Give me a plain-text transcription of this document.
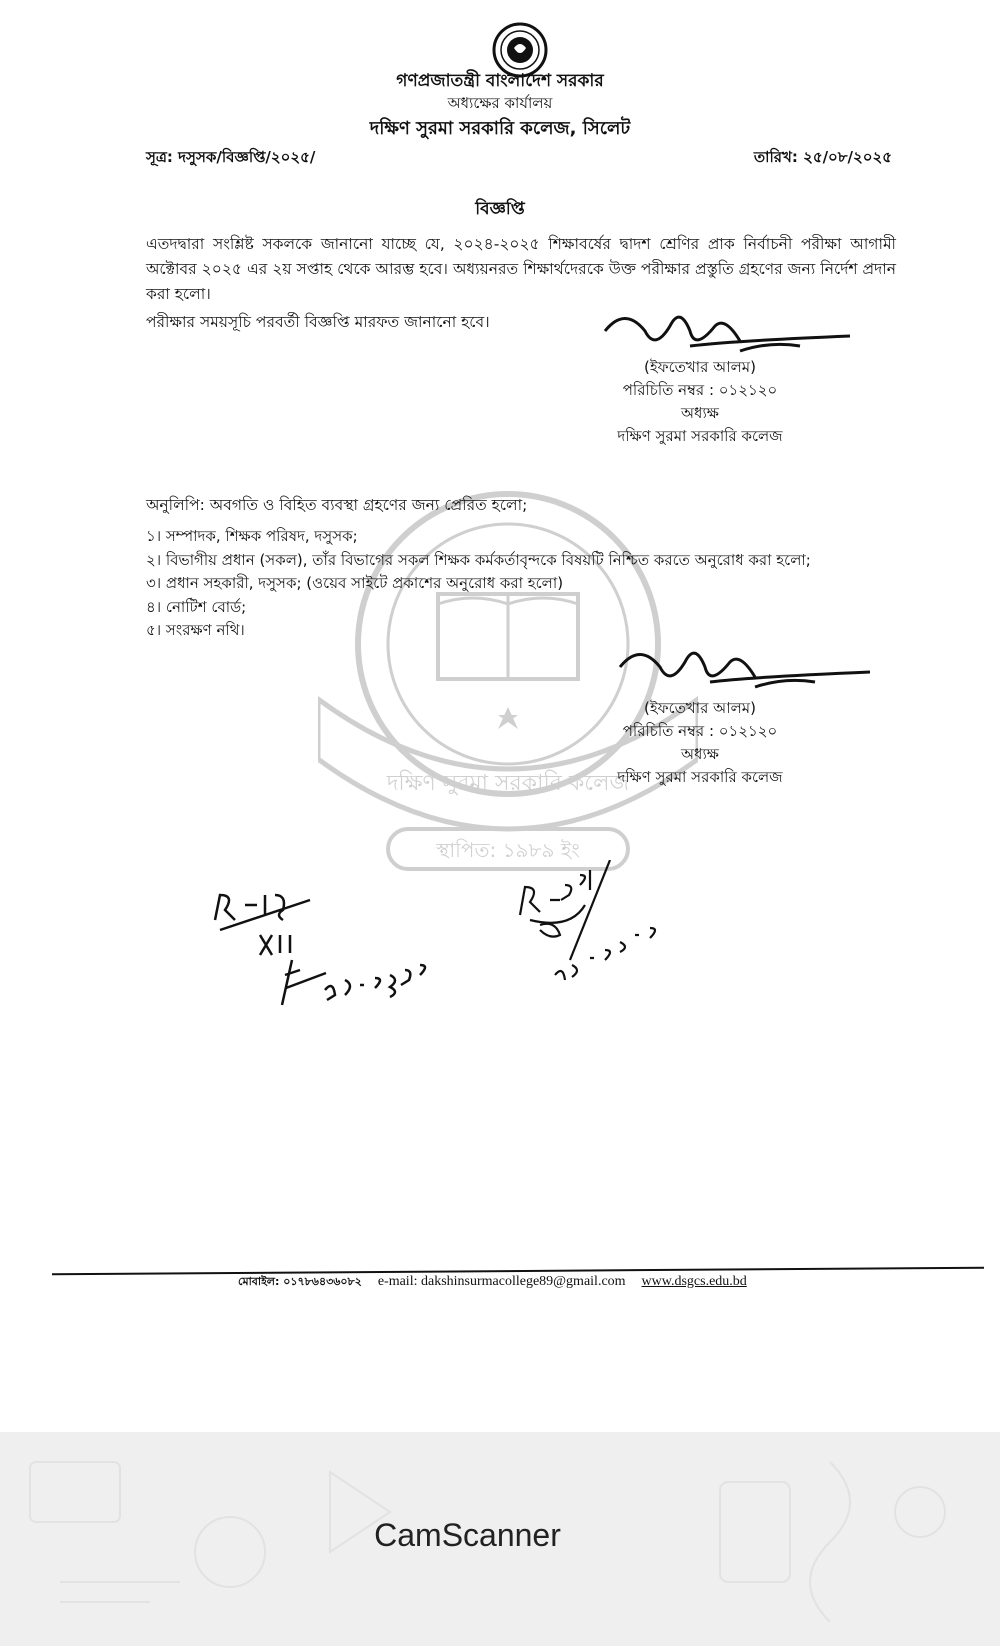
গণপ্রজাতন্ত্রী বাংলাদেশ সরকার

অধ্যক্ষের কার্যালয়

দক্ষিণ সুরমা সরকারি কলেজ, সিলেট

সূত্র: দসুসক/বিজ্ঞপ্তি/২০২৫/	তারিখ: ২৫/০৮/২০২৫

বিজ্ঞপ্তি

এতদদ্বারা সংশ্লিষ্ট সকলকে জানানো যাচ্ছে যে, ২০২৪-২০২৫ শিক্ষাবর্ষের দ্বাদশ শ্রেণির প্রাক নির্বাচনী পরীক্ষা আগামী অক্টোবর ২০২৫ এর ২য় সপ্তাহ থেকে আরম্ভ হবে। অধ্যয়নরত শিক্ষার্থদেরকে উক্ত পরীক্ষার প্রস্তুতি গ্রহণের জন্য নির্দেশ প্রদান করা হলো।

পরীক্ষার সময়সূচি পরবর্তী বিজ্ঞপ্তি মারফত জানানো হবে।

দক্ষিণ সুরমা সরকারি কলেজ
স্থাপিত: ১৯৮৯ ইং
(ইফতেখার আলম)
পরিচিতি নম্বর : ০১২১২০
অধ্যক্ষ
দক্ষিণ সুরমা সরকারি কলেজ

অনুলিপি: অবগতি ও বিহিত ব্যবস্থা গ্রহণের জন্য প্রেরিত হলো;

১। সম্পাদক, শিক্ষক পরিষদ, দসুসক;
২। বিভাগীয় প্রধান (সকল), তাঁর বিভাগের সকল শিক্ষক কর্মকর্তাবৃন্দকে বিষয়টি নিশ্চিত করতে অনুরোধ করা হলো;
৩। প্রধান সহকারী, দসুসক; (ওয়েব সাইটে প্রকাশের অনুরোধ করা হলো)
৪। নোটিশ বোর্ড;
৫। সংরক্ষণ নথি।
(ইফতেখার আলম)
পরিচিতি নম্বর : ০১২১২০
অধ্যক্ষ
দক্ষিণ সুরমা সরকারি কলেজ

মোবাইল: ০১৭৮৬৪৩৬০৮২ e-mail: dakshinsurmacollege89@gmail.com www.dsgcs.edu.bd

CamScanner
